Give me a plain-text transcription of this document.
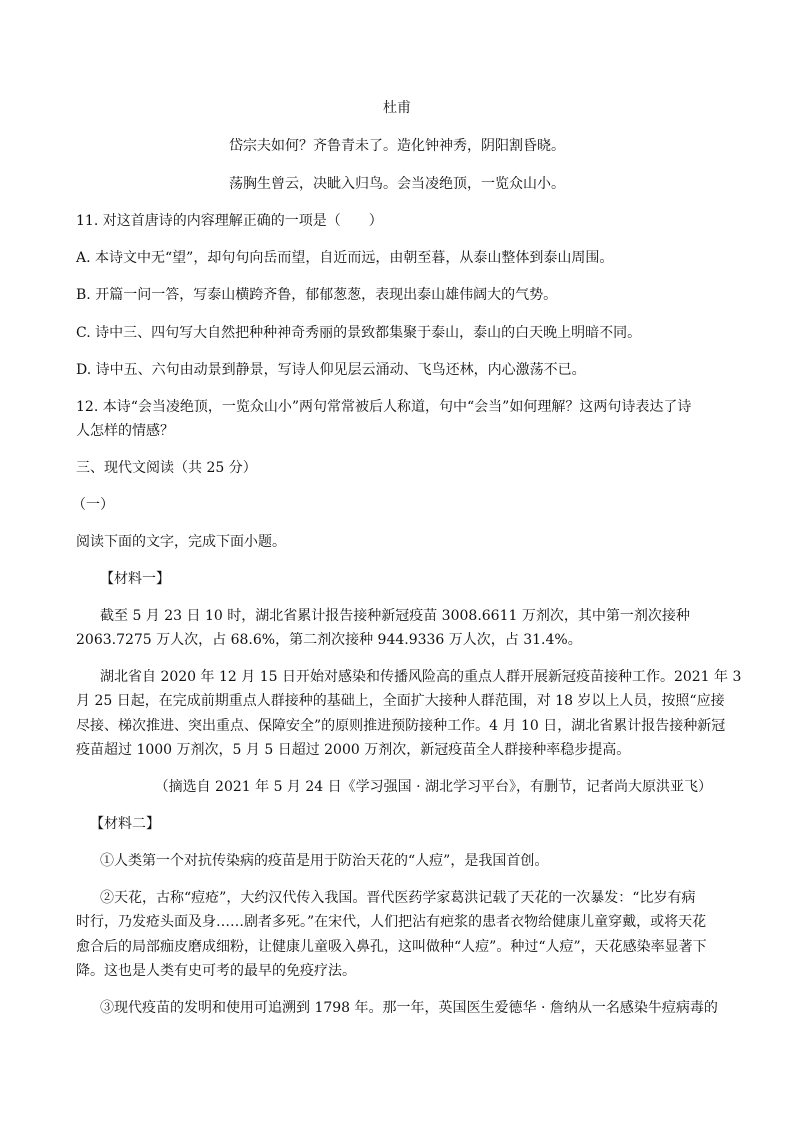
杜甫
岱宗夫如何？齐鲁青未了。造化钟神秀，阴阳割昏晓。
荡胸生曾云，决眦入归鸟。会当凌绝顶，一览众山小。
11. 对这首唐诗的内容理解正确的一项是（　　）
A. 本诗文中无“望”，却句句向岳而望，自近而远，由朝至暮，从泰山整体到泰山周围。
B. 开篇一问一答，写泰山横跨齐鲁，郁郁葱葱，表现出泰山雄伟阔大的气势。
C. 诗中三、四句写大自然把种种神奇秀丽的景致都集聚于泰山，泰山的白天晚上明暗不同。
D. 诗中五、六句由动景到静景，写诗人仰见层云涌动、飞鸟还林，内心激荡不已。
12. 本诗“会当凌绝顶，一览众山小”两句常常被后人称道，句中“会当”如何理解？这两句诗表达了诗
人怎样的情感？
三、现代文阅读（共 25 分）
（一）
阅读下面的文字，完成下面小题。
【材料一】
截至 5 月 23 日 10 时，湖北省累计报告接种新冠疫苗 3008.6611 万剂次，其中第一剂次接种
2063.7275 万人次，占 68.6%，第二剂次接种 944.9336 万人次，占 31.4%。
湖北省自 2020 年 12 月 15 日开始对感染和传播风险高的重点人群开展新冠疫苗接种工作。2021 年 3
月 25 日起，在完成前期重点人群接种的基础上，全面扩大接种人群范围，对 18 岁以上人员，按照“应接
尽接、梯次推进、突出重点、保障安全”的原则推进预防接种工作。4 月 10 日，湖北省累计报告接种新冠
疫苗超过 1000 万剂次，5 月 5 日超过 2000 万剂次，新冠疫苗全人群接种率稳步提高。
（摘选自 2021 年 5 月 24 日《学习强国 · 湖北学习平台》，有删节，记者尚大原洪亚飞）
【材料二】
①人类第一个对抗传染病的疫苗是用于防治天花的“人痘”，是我国首创。
②天花，古称“痘疮”，大约汉代传入我国。晋代医药学家葛洪记载了天花的一次暴发：“比岁有病
时行，乃发疮头面及身……剧者多死。”在宋代，人们把沾有疤浆的患者衣物给健康儿童穿戴，或将天花
愈合后的局部痂皮磨成细粉，让健康儿童吸入鼻孔，这叫做种“人痘”。种过“人痘”，天花感染率显著下
降。这也是人类有史可考的最早的免疫疗法。
③现代疫苗的发明和使用可追溯到 1798 年。那一年，英国医生爱德华 · 詹纳从一名感染牛痘病毒的
